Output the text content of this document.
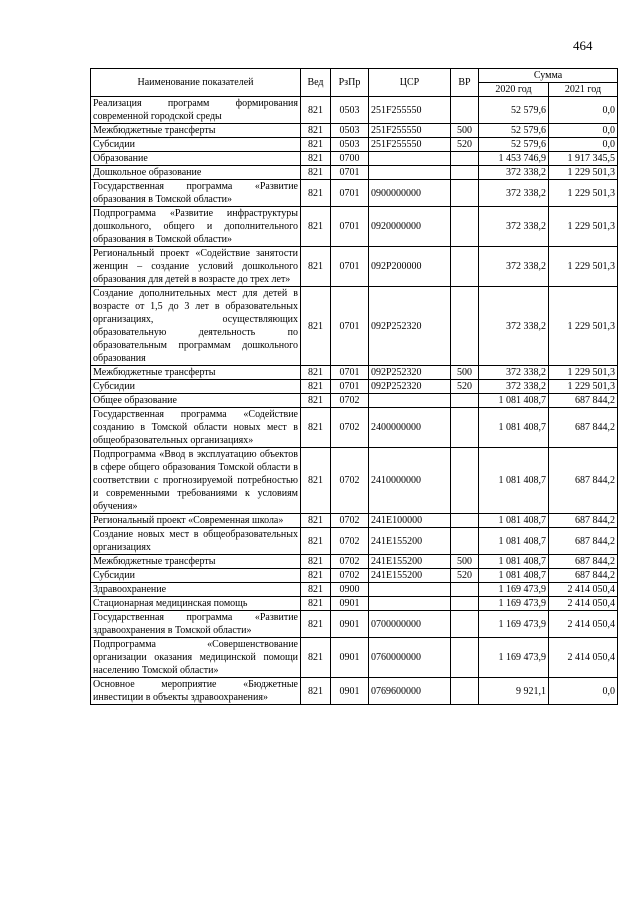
464
Наименование показателей	Вед	РзПр	ЦСР	ВР	Сумма	
					2020 год	2021 год
Реализация программ формирования современной городской среды	821	0503	251F255550		52 579,6	0,0
Межбюджетные трансферты	821	0503	251F255550	500	52 579,6	0,0
Субсидии	821	0503	251F255550	520	52 579,6	0,0
Образование	821	0700			1 453 746,9	1 917 345,5
Дошкольное образование	821	0701			372 338,2	1 229 501,3
Государственная программа «Развитие образования в Томской области»	821	0701	0900000000		372 338,2	1 229 501,3
Подпрограмма «Развитие инфраструктуры дошкольного, общего и дополнительного образования в Томской области»	821	0701	0920000000		372 338,2	1 229 501,3
Региональный проект «Содействие занятости женщин – создание условий дошкольного образования для детей в возрасте до трех лет»	821	0701	092P200000		372 338,2	1 229 501,3
Создание дополнительных мест для детей в возрасте от 1,5 до 3 лет в образовательных организациях, осуществляющих образовательную деятельность по образовательным программам дошкольного образования	821	0701	092P252320		372 338,2	1 229 501,3
Межбюджетные трансферты	821	0701	092P252320	500	372 338,2	1 229 501,3
Субсидии	821	0701	092P252320	520	372 338,2	1 229 501,3
Общее образование	821	0702			1 081 408,7	687 844,2
Государственная программа «Содействие созданию в Томской области новых мест в общеобразовательных организациях»	821	0702	2400000000		1 081 408,7	687 844,2
Подпрограмма «Ввод в эксплуатацию объектов в сфере общего образования Томской области в соответствии с прогнозируемой потребностью и современными требованиями к условиям обучения»	821	0702	2410000000		1 081 408,7	687 844,2
Региональный проект «Современная школа»	821	0702	241E100000		1 081 408,7	687 844,2
Создание новых мест в общеобразовательных организациях	821	0702	241E155200		1 081 408,7	687 844,2
Межбюджетные трансферты	821	0702	241E155200	500	1 081 408,7	687 844,2
Субсидии	821	0702	241E155200	520	1 081 408,7	687 844,2
Здравоохранение	821	0900			1 169 473,9	2 414 050,4
Стационарная медицинская помощь	821	0901			1 169 473,9	2 414 050,4
Государственная программа «Развитие здравоохранения в Томской области»	821	0901	0700000000		1 169 473,9	2 414 050,4
Подпрограмма «Совершенствование организации оказания медицинской помощи населению Томской области»	821	0901	0760000000		1 169 473,9	2 414 050,4
Основное мероприятие «Бюджетные инвестиции в объекты здравоохранения»	821	0901	0769600000		9 921,1	0,0
